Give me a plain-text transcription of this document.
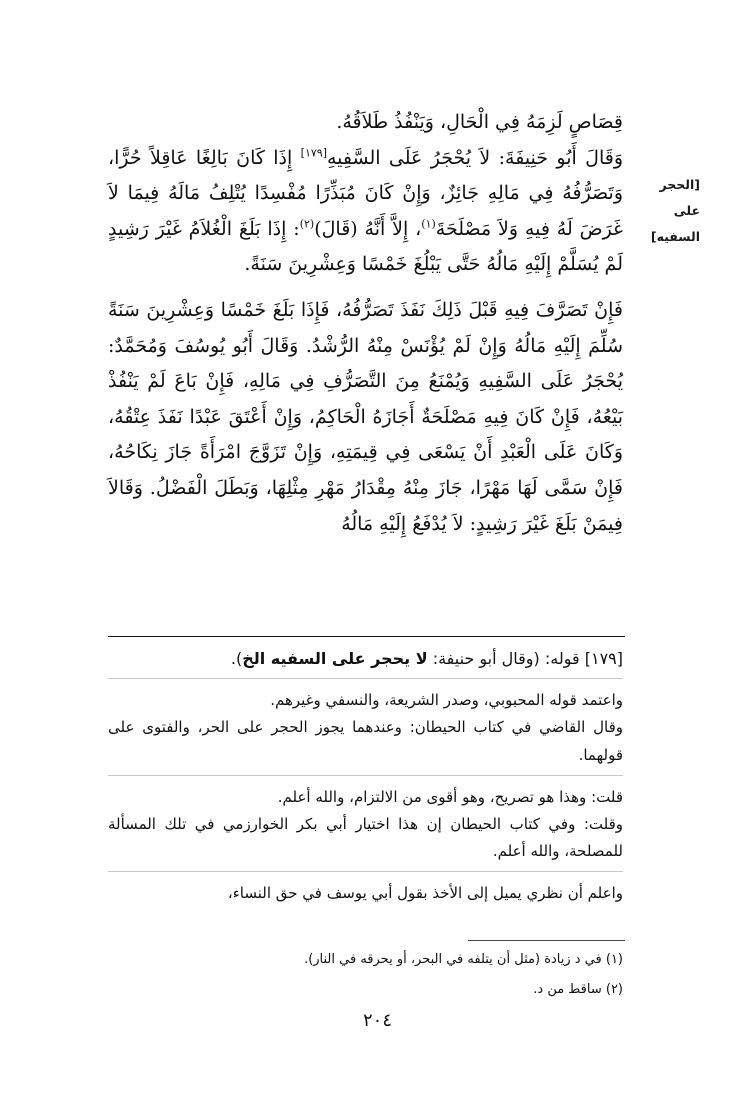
[الحجر على السفيه]

قِصَاصٍ لَزِمَهُ فِي الْحَالِ، وَيَنْفُذُ طَلاَقُهُ.

وَقَالَ أَبُو حَنِيفَةَ: لاَ يُحْجَرُ عَلَى السَّفِيهِ[١٧٩] إِذَا كَانَ بَالِغًا عَاقِلاً حُرًّا، وَتَصَرُّفُهُ فِي مَالِهِ جَائِزٌ، وَإِنْ كَانَ مُبَذِّرًا مُفْسِدًا يُتْلِفُ مَالَهُ فِيمَا لاَ غَرَضَ لَهُ فِيهِ وَلاَ مَصْلَحَةَ$^{(١)}$، إِلاَّ أَنَّهُ (قَالَ)$^{(٢)}$: إِذَا بَلَغَ الْغُلاَمُ غَيْرَ رَشِيدٍ لَمْ يُسَلَّمْ إِلَيْهِ مَالُهُ حَتَّى يَبْلُغَ خَمْسًا وَعِشْرِينَ سَنَةً.

فَإِنْ تَصَرَّفَ فِيهِ قَبْلَ ذَلِكَ نَفَذَ تَصَرُّفُهُ، فَإِذَا بَلَغَ خَمْسًا وَعِشْرِينَ سَنَةً سُلِّمَ إِلَيْهِ مَالُهُ وَإِنْ لَمْ يُؤْنَسْ مِنْهُ الرُّشْدُ. وَقَالَ أَبُو يُوسُفَ وَمُحَمَّدٌ: يُحْجَرُ عَلَى السَّفِيهِ وَيُمْنَعُ مِنَ التَّصَرُّفِ فِي مَالِهِ، فَإِنْ بَاعَ لَمْ يَنْفُذْ بَيْعُهُ، فَإِنْ كَانَ فِيهِ مَصْلَحَةٌ أَجَازَهُ الْحَاكِمُ، وَإِنْ أَعْتَقَ عَبْدًا نَفَذَ عِتْقُهُ، وَكَانَ عَلَى الْعَبْدِ أَنْ يَسْعَى فِي قِيمَتِهِ، وَإِنْ تَزَوَّجَ امْرَأَةً جَازَ نِكَاحُهُ، فَإِنْ سَمَّى لَهَا مَهْرًا، جَازَ مِنْهُ مِقْدَارُ مَهْرِ مِثْلِهَا، وَبَطَلَ الْفَضْلُ. وَقَالاَ فِيمَنْ بَلَغَ غَيْرَ رَشِيدٍ: لاَ يُدْفَعُ إِلَيْهِ مَالُهُ

[١٧٩] قوله: (وقال أبو حنيفة: لا يحجر على السفيه الخ).

واعتمد قوله المحبوبي، وصدر الشريعة، والنسفي وغيرهم.

وقال القاضي في كتاب الحيطان: وعندهما يجوز الحجر على الحر، والفتوى على قولهما.

قلت: وهذا هو تصريح، وهو أقوى من الالتزام، والله أعلم.

وقلت: وفي كتاب الحيطان إن هذا اختيار أبي بكر الخوارزمي في تلك المسألة للمصلحة، والله أعلم.

واعلم أن نظري يميل إلى الأخذ بقول أبي يوسف في حق النساء،

(١) في د زيادة (مثل أن يتلفه في البحر، أو يحرقه في النار).

(٢) ساقط من د.

٢٠٤
